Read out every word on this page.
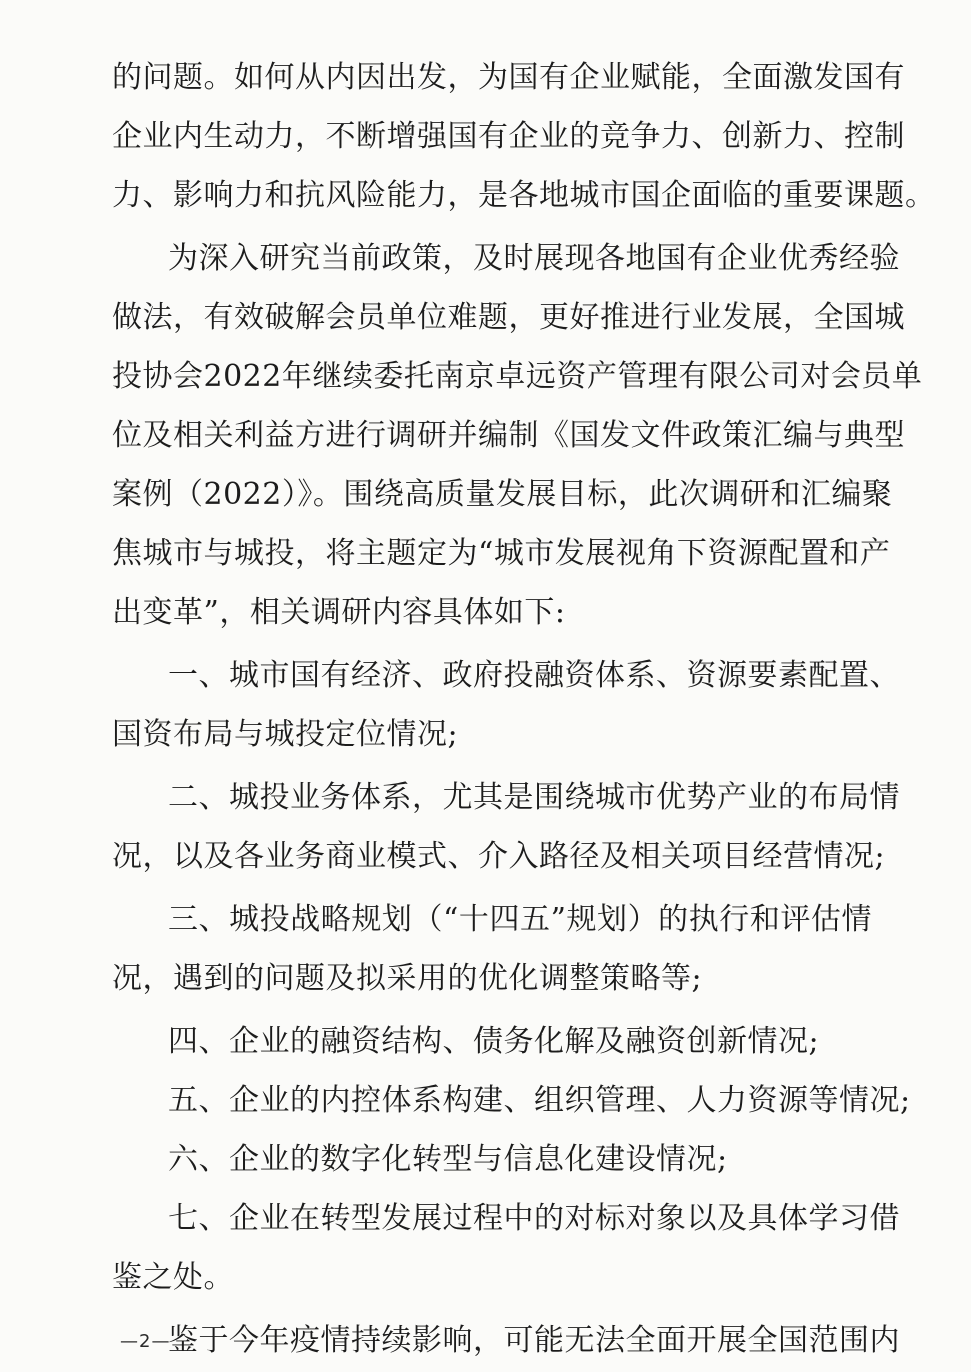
的问题。如何从内因出发，为国有企业赋能，全面激发国有
企业内生动力，不断增强国有企业的竞争力、创新力、控制
力、影响力和抗风险能力，是各地城市国企面临的重要课题。
为深入研究当前政策，及时展现各地国有企业优秀经验
做法，有效破解会员单位难题，更好推进行业发展，全国城
投协会2022年继续委托南京卓远资产管理有限公司对会员单
位及相关利益方进行调研并编制《国发文件政策汇编与典型
案例（2022）》。围绕高质量发展目标，此次调研和汇编聚
焦城市与城投，将主题定为“城市发展视角下资源配置和产
出变革”，相关调研内容具体如下:
一、城市国有经济、政府投融资体系、资源要素配置、
国资布局与城投定位情况;
二、城投业务体系，尤其是围绕城市优势产业的布局情
况，以及各业务商业模式、介入路径及相关项目经营情况;
三、城投战略规划（“十四五”规划）的执行和评估情
况，遇到的问题及拟采用的优化调整策略等;
四、企业的融资结构、债务化解及融资创新情况;
五、企业的内控体系构建、组织管理、人力资源等情况;
六、企业的数字化转型与信息化建设情况;
七、企业在转型发展过程中的对标对象以及具体学习借
鉴之处。
鉴于今年疫情持续影响，可能无法全面开展全国范围内
—2—
